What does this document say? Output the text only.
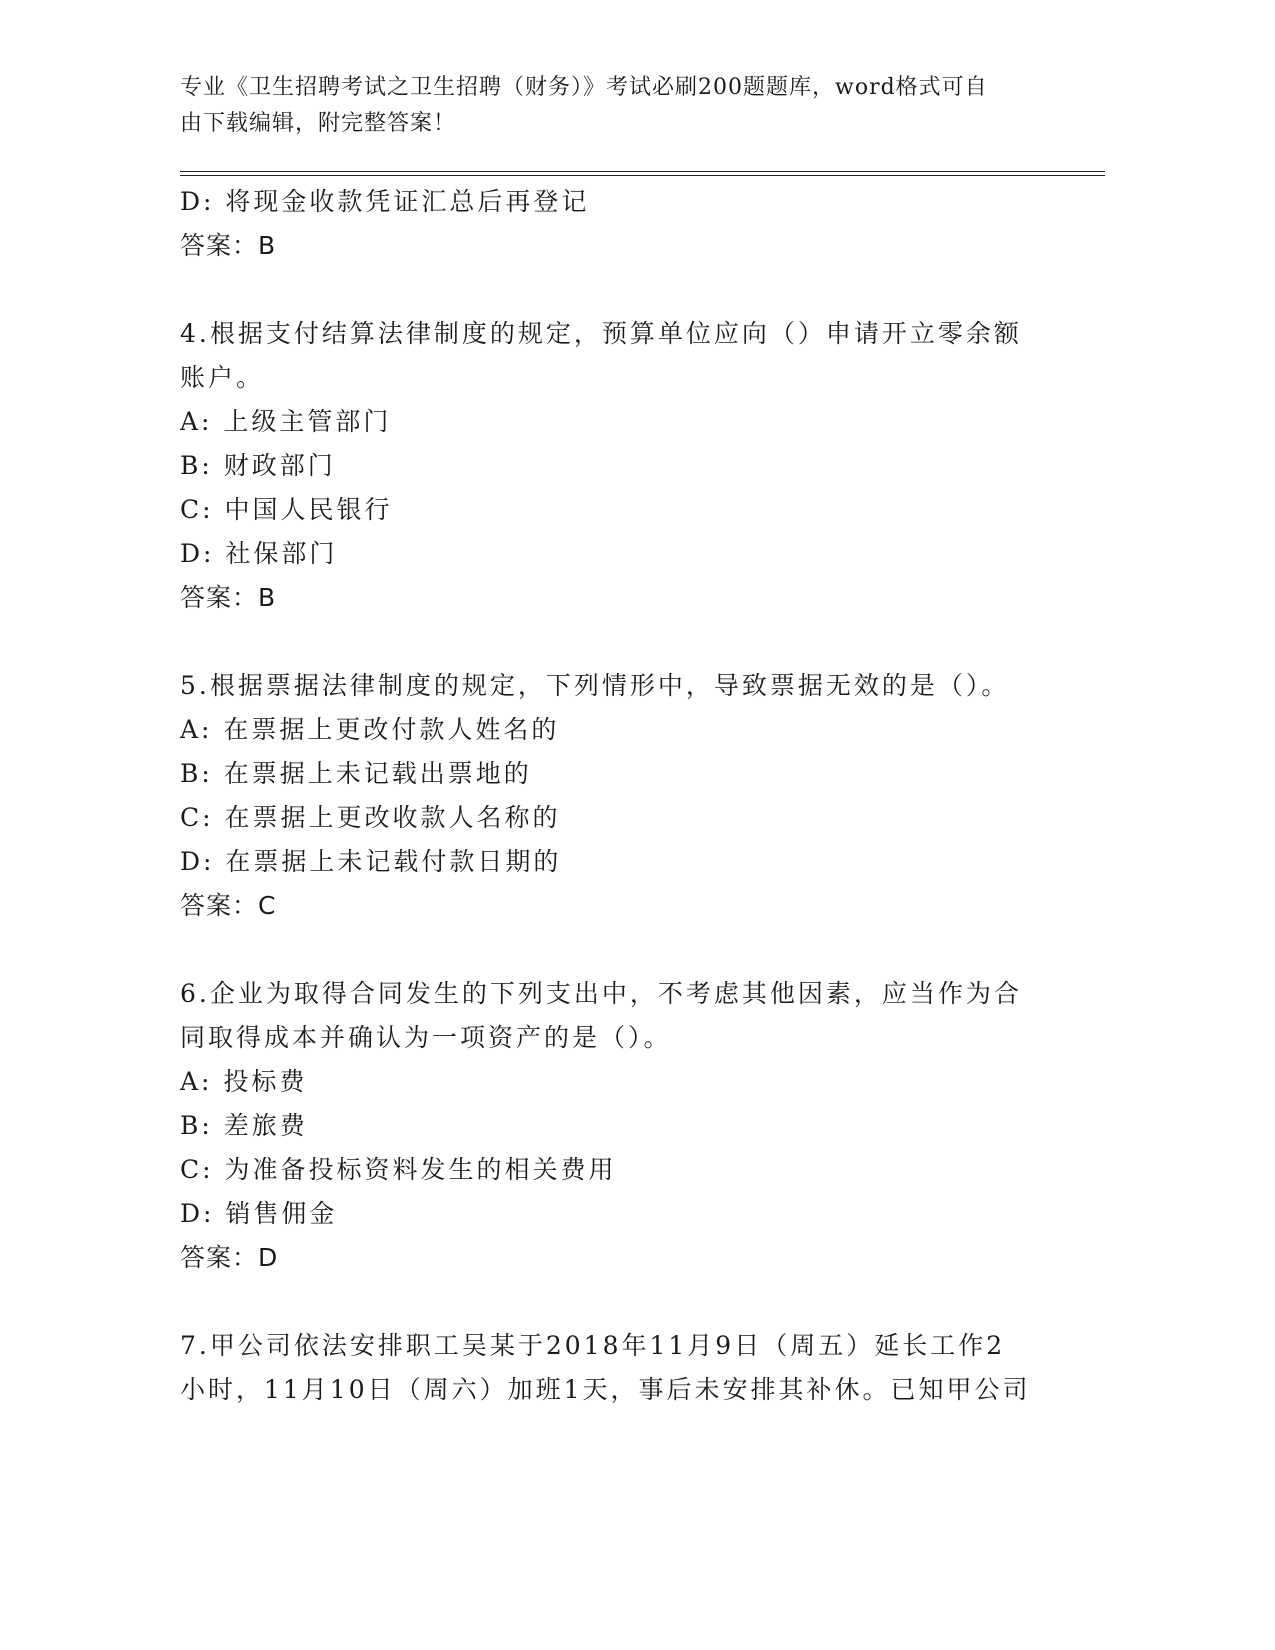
专业《卫生招聘考试之卫生招聘（财务）》考试必刷200题题库，word格式可自
由下载编辑，附完整答案！
D: 将现金收款凭证汇总后再登记
答案：B
4.根据支付结算法律制度的规定，预算单位应向（）申请开立零余额
账户。
A: 上级主管部门
B: 财政部门
C: 中国人民银行
D: 社保部门
答案：B
5.根据票据法律制度的规定，下列情形中，导致票据无效的是（）。
A: 在票据上更改付款人姓名的
B: 在票据上未记载出票地的
C: 在票据上更改收款人名称的
D: 在票据上未记载付款日期的
答案：C
6.企业为取得合同发生的下列支出中，不考虑其他因素，应当作为合
同取得成本并确认为一项资产的是（）。
A: 投标费
B: 差旅费
C: 为准备投标资料发生的相关费用
D: 销售佣金
答案：D
7.甲公司依法安排职工吴某于2018年11月9日（周五）延长工作2
小时，11月10日（周六）加班1天，事后未安排其补休。已知甲公司
